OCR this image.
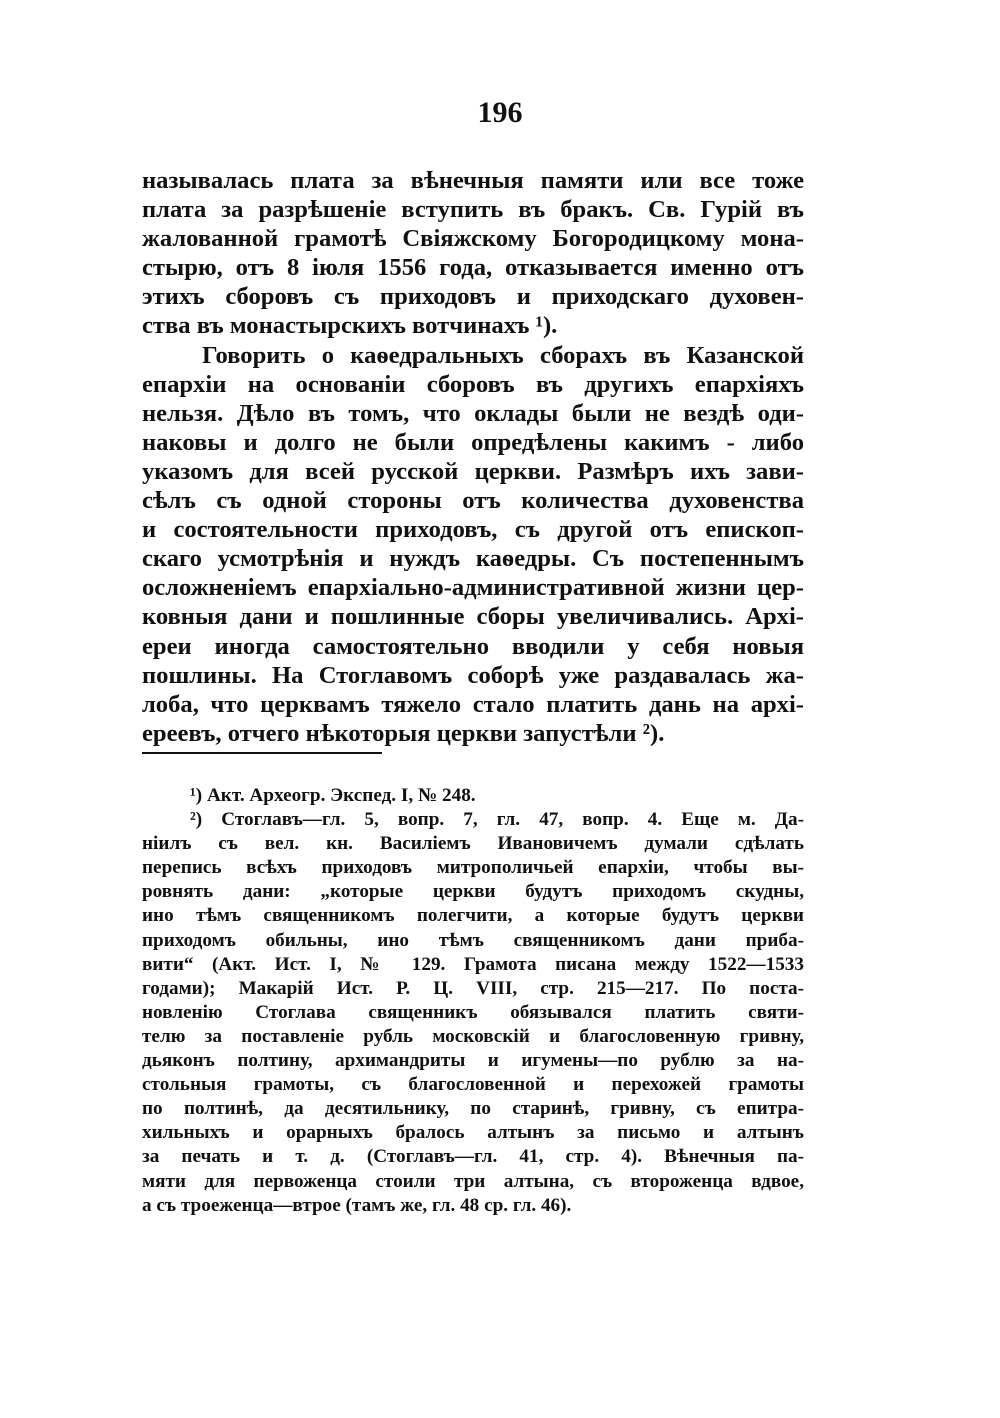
196
называлась плата за вѣнечныя памяти или все тоже
плата за разрѣшеніе вступить въ бракъ. Св. Гурій въ
жалованной грамотѣ Свіяжскому Богородицкому мона-
стырю, отъ 8 іюля 1556 года, отказывается именно отъ
этихъ сборовъ съ приходовъ и приходскаго духовен-
ства въ монастырскихъ вотчинахъ ¹).
Говорить о каѳедральныхъ сборахъ въ Казанской
епархіи на основаніи сборовъ въ другихъ епархіяхъ
нельзя. Дѣло въ томъ, что оклады были не вездѣ оди-
наковы и долго не были опредѣлены какимъ - либо
указомъ для всей русской церкви. Размѣръ ихъ зави-
сѣлъ съ одной стороны отъ количества духовенства
и состоятельности приходовъ, съ другой отъ епископ-
скаго усмотрѣнія и нуждъ каѳедры. Съ постепеннымъ
осложненіемъ епархіально-административной жизни цер-
ковныя дани и пошлинные сборы увеличивались. Архі-
ереи иногда самостоятельно вводили у себя новыя
пошлины. На Стоглавомъ соборѣ уже раздавалась жа-
лоба, что церквамъ тяжело стало платить дань на архі-
ереевъ, отчего нѣкоторыя церкви запустѣли ²).
¹) Акт. Археогр. Экспед. І, № 248.
²) Стоглавъ—гл. 5, вопр. 7, гл. 47, вопр. 4. Еще м. Да-
ніилъ съ вел. кн. Василіемъ Ивановичемъ думали сдѣлать
перепись всѣхъ приходовъ митрополичьей епархіи, чтобы вы-
ровнять дани: „которые церкви будутъ приходомъ скудны,
ино тѣмъ священникомъ полегчити, а которые будутъ церкви
приходомъ обильны, ино тѣмъ священникомъ дани приба-
вити“ (Акт. Ист. І, № 129. Грамота писана между 1522—1533
годами); Макарій Ист. Р. Ц. VIII, стр. 215—217. По поста-
новленію Стоглава священникъ обязывался платить святи-
телю за поставленіе рубль московскій и благословенную гривну,
дьяконъ полтину, архимандриты и игумены—по рублю за на-
стольныя грамоты, съ благословенной и перехожей грамоты
по полтинѣ, да десятильнику, по старинѣ, гривну, съ епитра-
хильныхъ и орарныхъ бралось алтынъ за письмо и алтынъ
за печать и т. д. (Стоглавъ—гл. 41, стр. 4). Вѣнечныя па-
мяти для первоженца стоили три алтына, съ второженца вдвое,
а съ троеженца—втрое (тамъ же, гл. 48 ср. гл. 46).
